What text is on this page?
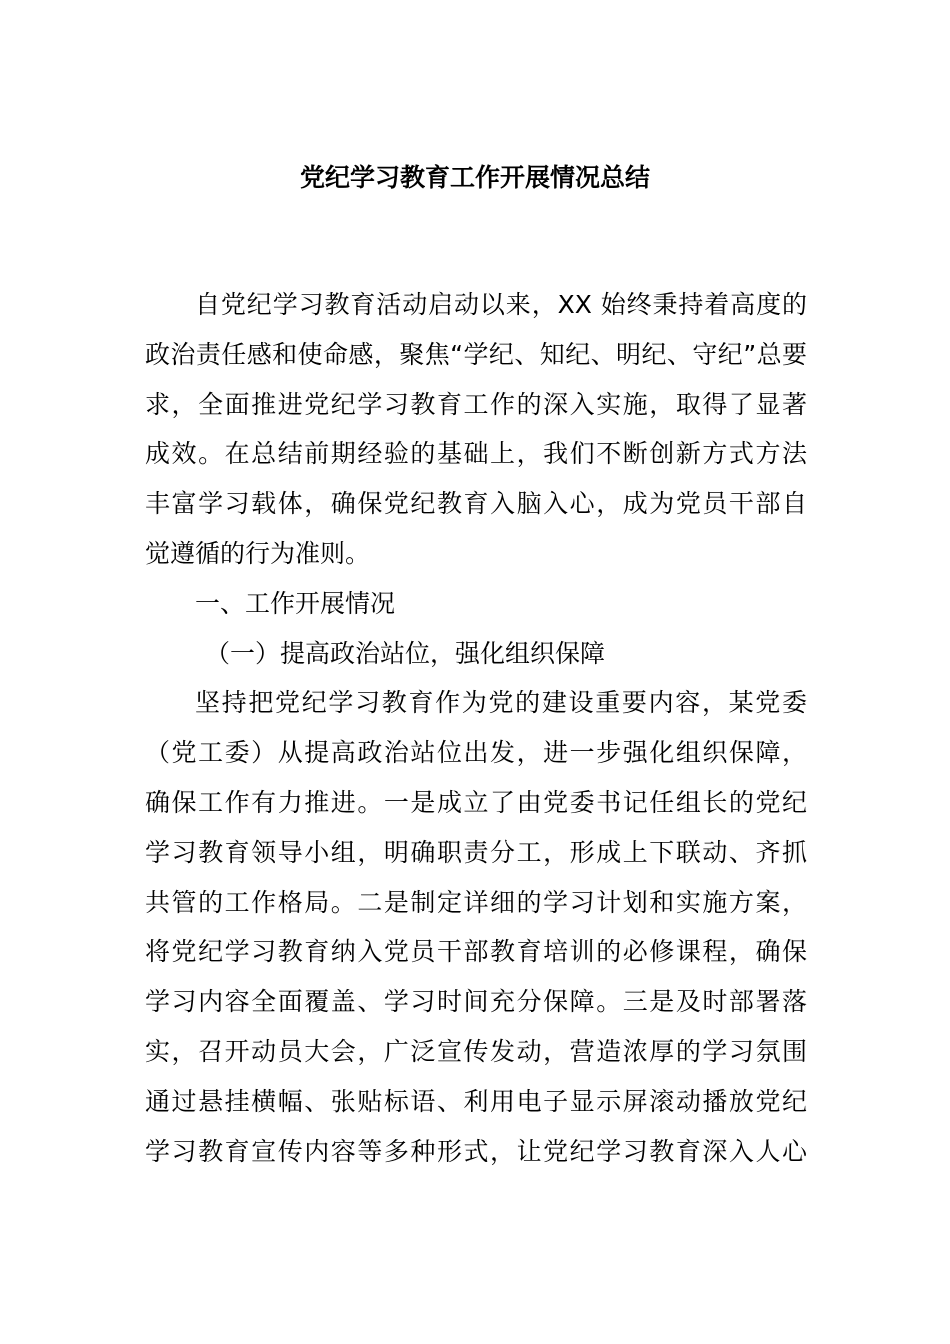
党纪学习教育工作开展情况总结
自党纪学习教育活动启动以来，XX 始终秉持着高度的
政治责任感和使命感，聚焦“学纪、知纪、明纪、守纪”总要
求，全面推进党纪学习教育工作的深入实施，取得了显著
成效。在总结前期经验的基础上，我们不断创新方式方法
丰富学习载体，确保党纪教育入脑入心，成为党员干部自
觉遵循的行为准则。
一、工作开展情况
（一）提高政治站位，强化组织保障
坚持把党纪学习教育作为党的建设重要内容，某党委
（党工委）从提高政治站位出发，进一步强化组织保障，
确保工作有力推进。一是成立了由党委书记任组长的党纪
学习教育领导小组，明确职责分工，形成上下联动、齐抓
共管的工作格局。二是制定详细的学习计划和实施方案，
将党纪学习教育纳入党员干部教育培训的必修课程，确保
学习内容全面覆盖、学习时间充分保障。三是及时部署落
实，召开动员大会，广泛宣传发动，营造浓厚的学习氛围
通过悬挂横幅、张贴标语、利用电子显示屏滚动播放党纪
学习教育宣传内容等多种形式，让党纪学习教育深入人心
